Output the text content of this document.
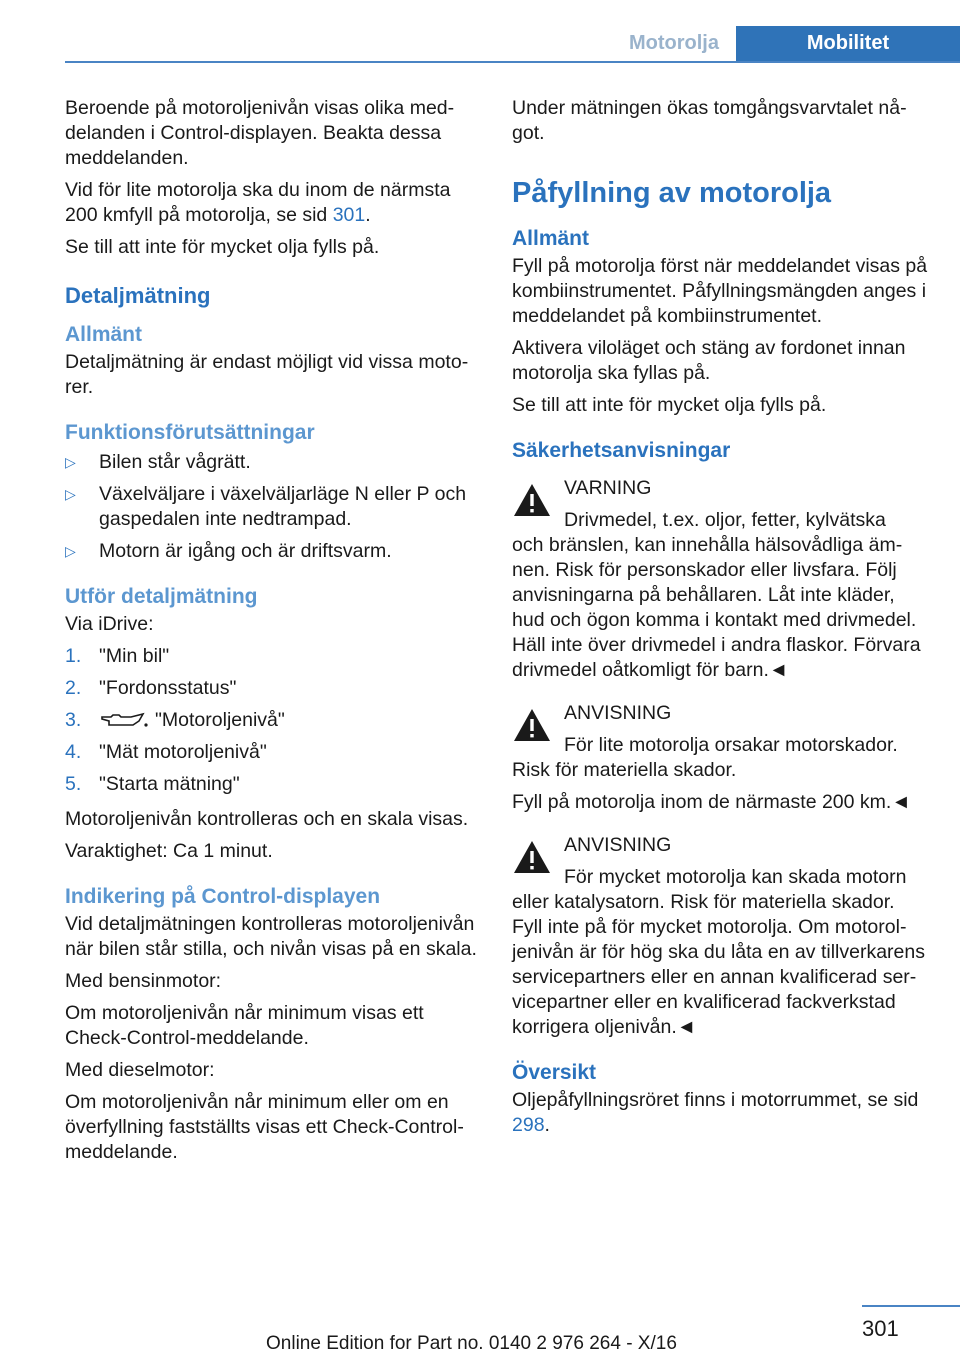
Motorolja	Mobilitet

Beroende på motoroljenivån visas olika meddelanden i Control-displayen. Beakta dessa meddelanden.

Vid för lite motorolja ska du inom de närmsta 200 kmfyll på motorolja, se sid 301.

Se till att inte för mycket olja fylls på.

Detaljmätning
Allmänt

Detaljmätning är endast möjligt vid vissa motorer.

Funktionsförutsättningar
▷ Bilen står vågrätt.
▷ Växelväljare i växelväljarläge N eller P och gaspedalen inte nedtrampad.
▷ Motorn är igång och är driftsvarm.
Utför detaljmätning

Via iDrive:

1. "Min bil"
2. "Fordonsstatus"
3.	"Motoroljenivå"
4. "Mät motoroljenivå"
5. "Starta mätning"

Motoroljenivån kontrolleras och en skala visas.

Varaktighet: Ca 1 minut.

Indikering på Control-displayen

Vid detaljmätningen kontrolleras motoroljenivån när bilen står stilla, och nivån visas på en skala.

Med bensinmotor:

Om motoroljenivån når minimum visas ett Check-Control-meddelande.

Med dieselmotor:

Om motoroljenivån når minimum eller om en överfyllning fastställts visas ett Check-Control-meddelande.

Under mätningen ökas tomgångsvarvtalet något.

Påfyllning av motorolja
Allmänt

Fyll på motorolja först när meddelandet visas på kombiinstrumentet. Påfyllningsmängden anges i meddelandet på kombiinstrumentet.

Aktivera viloläget och stäng av fordonet innan motorolja ska fyllas på.

Se till att inte för mycket olja fylls på.

Säkerhetsanvisningar

VARNING

Drivmedel, t.ex. oljor, fetter, kylvätska
och bränslen, kan innehålla hälsovådliga ämnen. Risk för personskador eller livsfara. Följ anvisningarna på behållaren. Låt inte kläder, hud och ögon komma i kontakt med drivmedel. Häll inte över drivmedel i andra flaskor. Förvara drivmedel oåtkomligt för barn.◄

ANVISNING

För lite motorolja orsakar motorskador.
Risk för materiella skador.

Fyll på motorolja inom de närmaste 200 km.◄

ANVISNING

För mycket motorolja kan skada motorn
eller katalysatorn. Risk för materiella skador. Fyll inte på för mycket motorolja. Om motoroljenivån är för hög ska du låta en av tillverkarens servicepartners eller en annan kvalificerad servicepartner eller en kvalificerad fackverkstad korrigera oljenivån.◄

Översikt

Oljepåfyllningsröret finns i motorrummet, se sid 298.

301
Online Edition for Part no. 0140 2 976 264 - X/16
